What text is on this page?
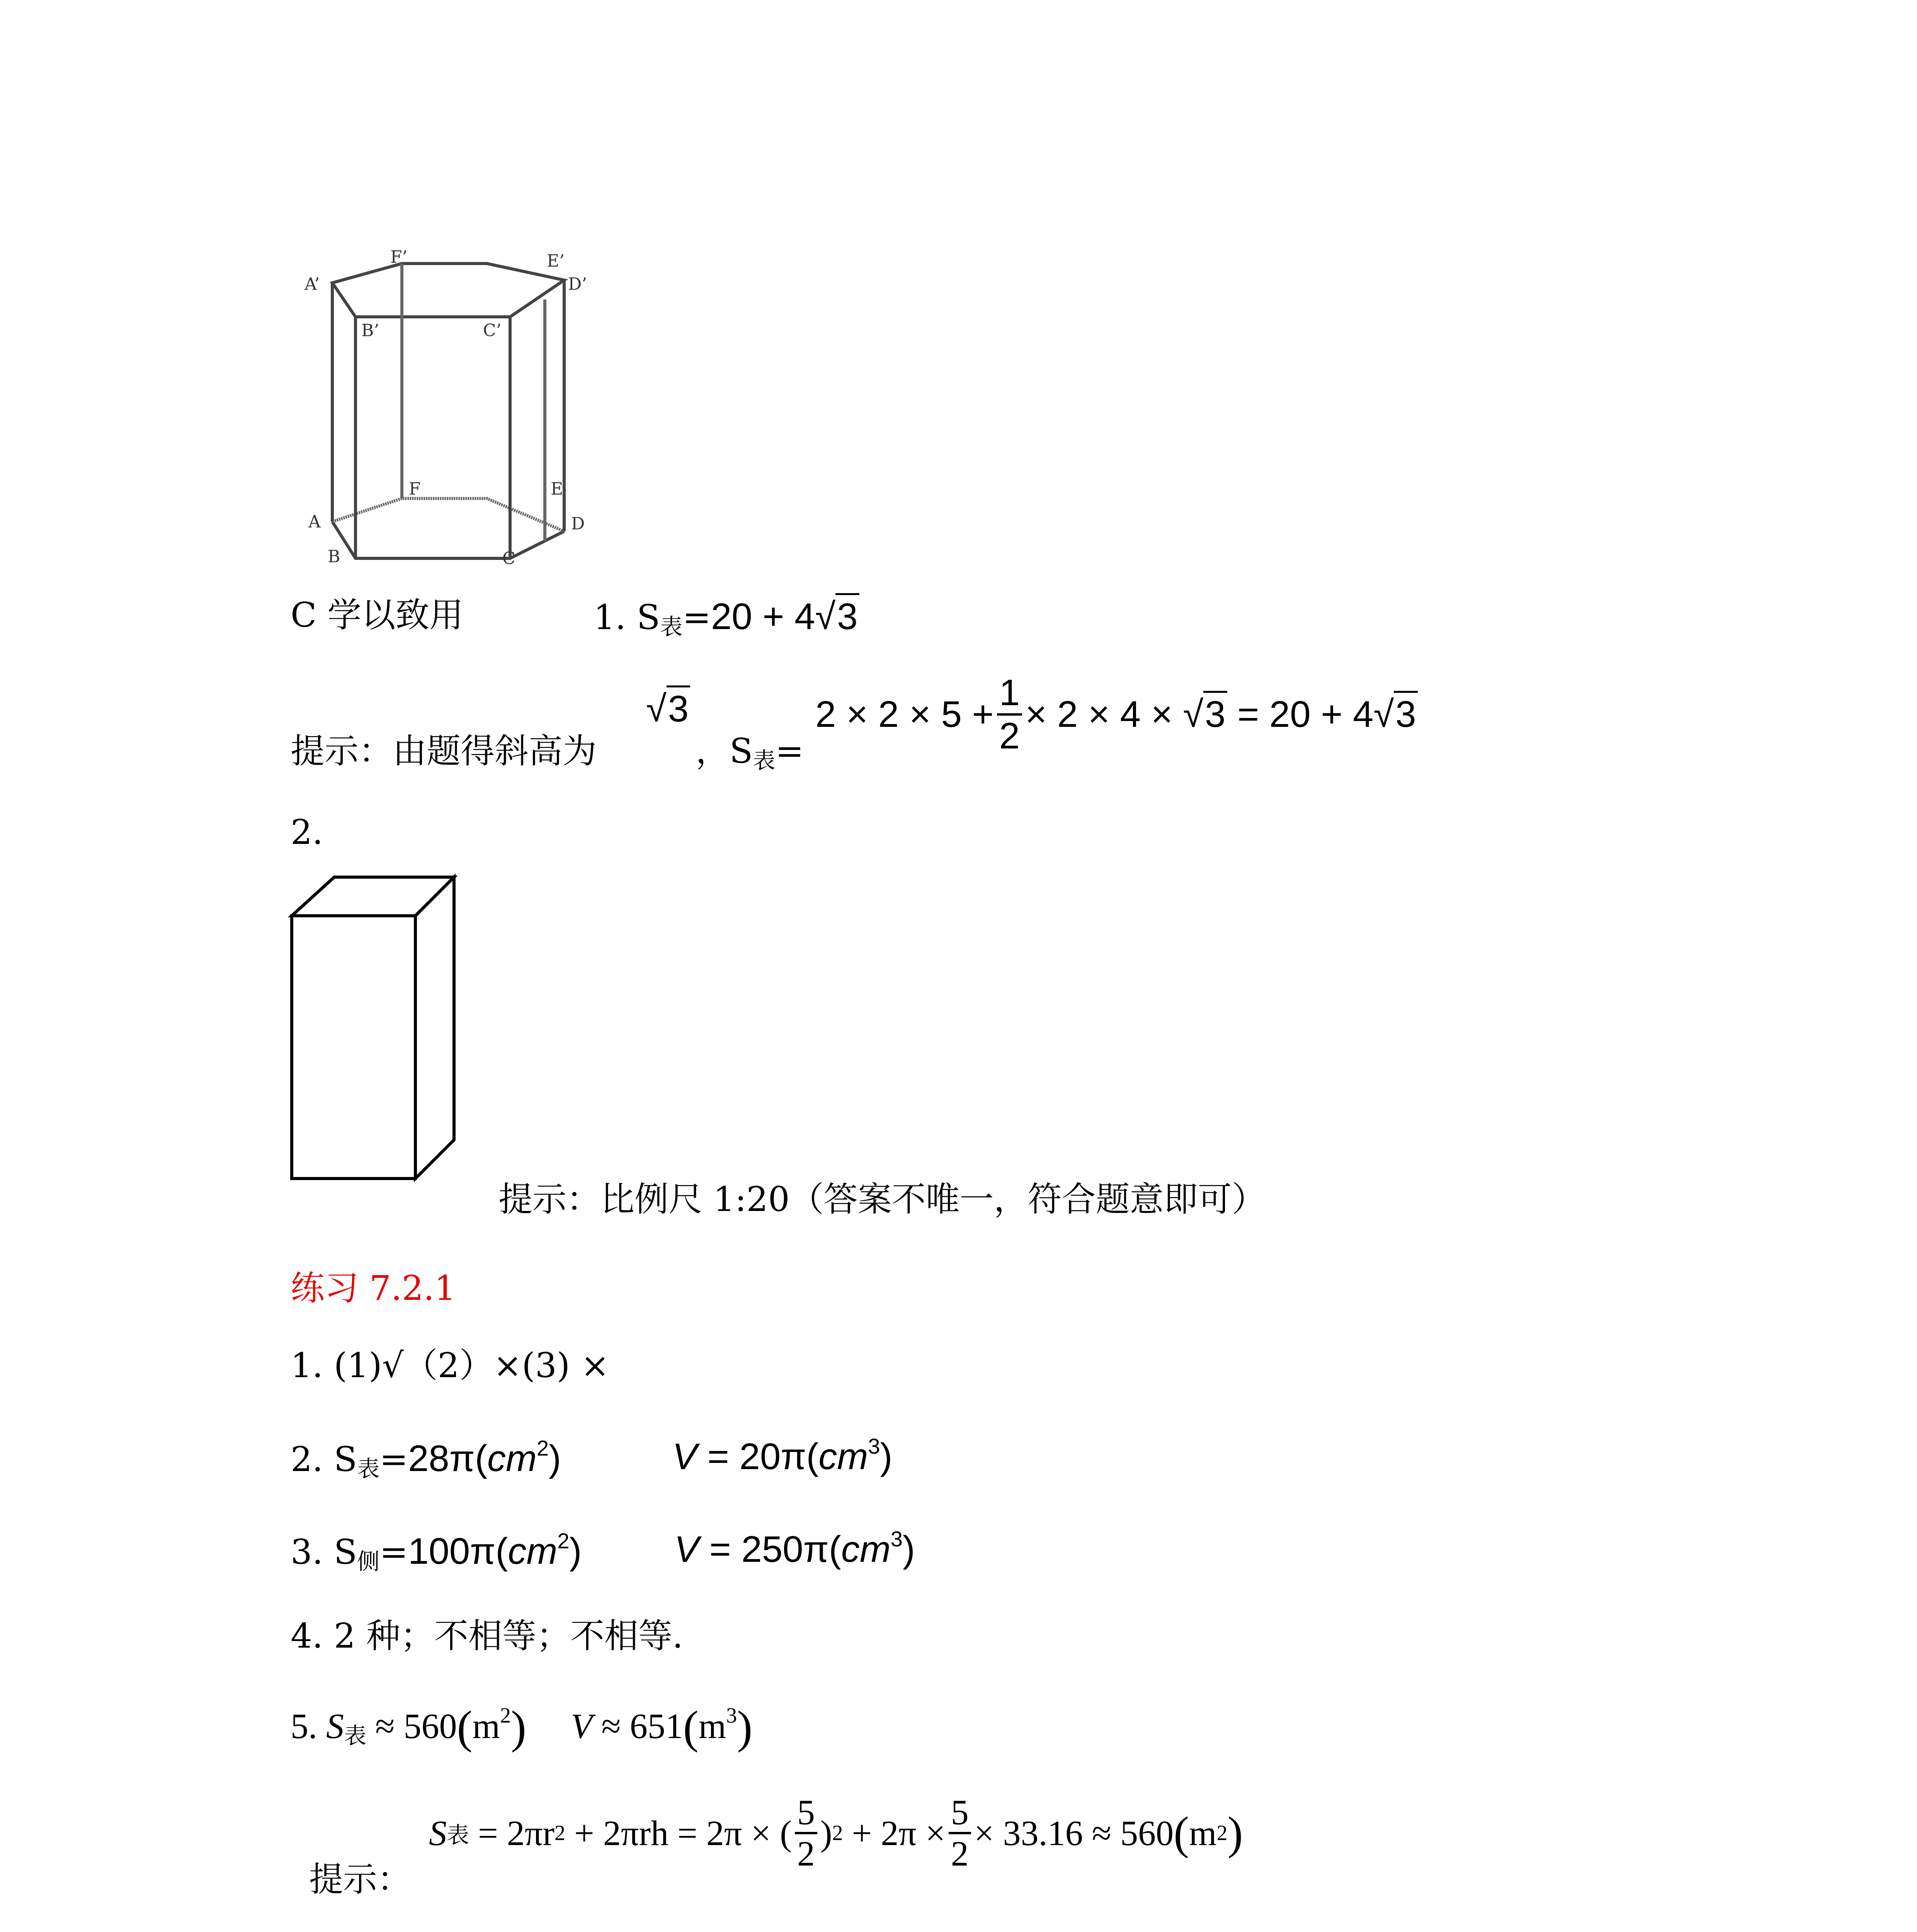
A’
F’	E’
D’
B’	C’
F	E
D
A
B	C
C 学以致用	1. $S_表=20 + 4√3$
提示：由题得斜高为
√3
，$S_表=$
$2 \times 2 \times 5 + \frac{1}{2} \times 2 \times 4$ × √ 3
= 20 + 4 √ 3
2.
提示：比例尺 1:20（答案不唯一，符合题意即可）
练习 7.2.1
1. (1)√（2）×(3) ×
2. $S_表=28\pi(cm^2)$	$V = 20\pi(cm^3)$
3. $S_侧=100\pi(cm^2) V = 250\pi(cm^3)$
4. 2 种；不相等；不相等.
5. $S_表 \approx 560(m^2) V \approx 651(m^3)$
提示：
S 表
= 2πr 2
+ 2πrh = 2π × ( $\frac{5}{2}$ ) 2
+ $2\pi \times \frac{5}{2} \times 33.16 \approx 560$ ( m 2 )
